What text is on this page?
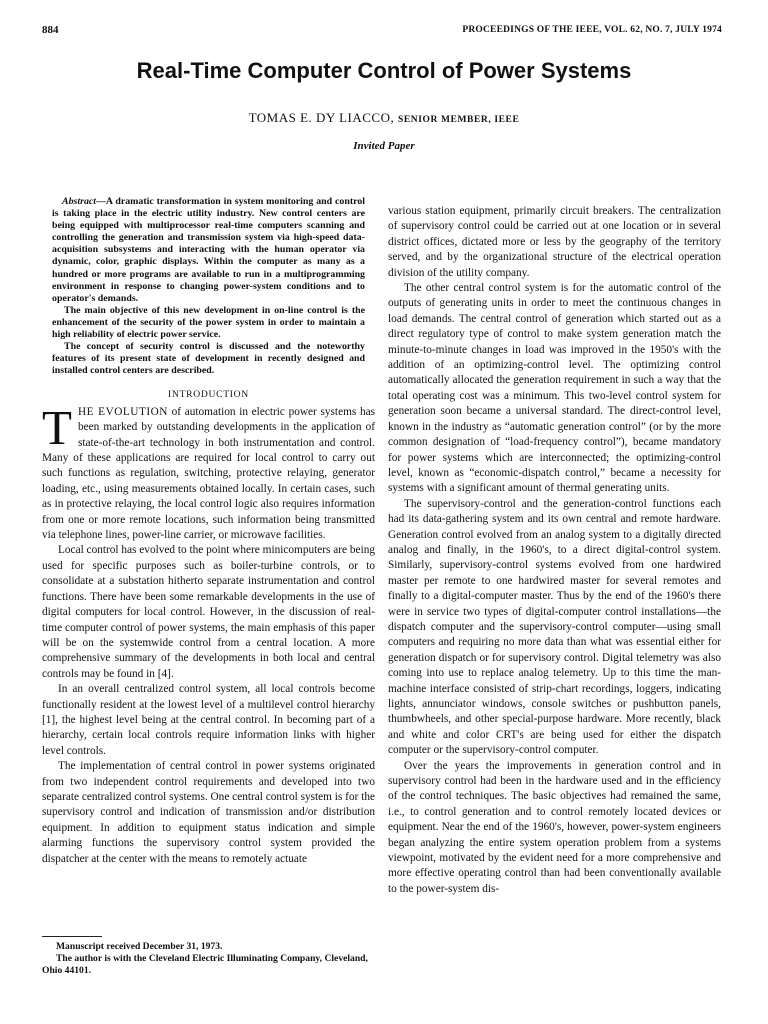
884	PROCEEDINGS OF THE IEEE, VOL. 62, NO. 7, JULY 1974
Real-Time Computer Control of Power Systems
TOMAS E. DY LIACCO, SENIOR MEMBER, IEEE
Invited Paper

Abstract—A dramatic transformation in system monitoring and control is taking place in the electric utility industry. New control centers are being equipped with multiprocessor real-time computers scanning and controlling the generation and transmission system via high-speed data-acquisition subsystems and interacting with the human operator via dynamic, color, graphic displays. Within the computer as many as a hundred or more programs are available to run in a multiprogramming environment in response to changing power-system conditions and to operator's demands.

The main objective of this new development in on-line control is the enhancement of the security of the power system in order to maintain a high reliability of electric power service.

The concept of security control is discussed and the noteworthy features of its present state of development in recently designed and installed control centers are described.

INTRODUCTION

THE EVOLUTION of automation in electric power systems has been marked by outstanding developments in the application of state-of-the-art technology in both instrumentation and control. Many of these applications are required for local control to carry out such functions as regulation, switching, protective relaying, generator loading, etc., using measurements obtained locally. In certain cases, such as in protective relaying, the local control logic also requires information from one or more remote locations, such information being transmitted via telephone lines, power-line carrier, or microwave facilities.

Local control has evolved to the point where minicomputers are being used for specific purposes such as boiler-turbine controls, or to consolidate at a substation hitherto separate instrumentation and control functions. There have been some remarkable developments in the use of digital computers for local control. However, in the discussion of real-time computer control of power systems, the main emphasis of this paper will be on the systemwide control from a central location. A more comprehensive summary of the developments in both local and central controls may be found in [4].

In an overall centralized control system, all local controls become functionally resident at the lowest level of a multilevel control hierarchy [1], the highest level being at the central control. In becoming part of a hierarchy, certain local controls require information links with higher level controls.

The implementation of central control in power systems originated from two independent control requirements and developed into two separate centralized control systems. One central control system is for the supervisory control and indication of transmission and/or distribution equipment. In addition to equipment status indication and simple alarming functions the supervisory control system provided the dispatcher at the center with the means to remotely actuate

various station equipment, primarily circuit breakers. The centralization of supervisory control could be carried out at one location or in several district offices, dictated more or less by the geography of the territory served, and by the organizational structure of the electrical operation division of the utility company.

The other central control system is for the automatic control of the outputs of generating units in order to meet the continuous changes in load demands. The central control of generation which started out as a direct regulatory type of control to make system generation match the minute-to-minute changes in load was improved in the 1950's with the addition of an optimizing-control level. The optimizing control automatically allocated the generation requirement in such a way that the total operating cost was a minimum. This two-level control system for generation soon became a universal standard. The direct-control level, known in the industry as “automatic generation control” (or by the more common designation of “load-frequency control”), became mandatory for power systems which are interconnected; the optimizing-control level, known as “economic-dispatch control,” became a necessity for systems with a significant amount of thermal generating units.

The supervisory-control and the generation-control functions each had its data-gathering system and its own central and remote hardware. Generation control evolved from an analog system to a digitally directed analog and finally, in the 1960's, to a direct digital-control system. Similarly, supervisory-control systems evolved from one hardwired master per remote to one hardwired master for several remotes and finally to a digital-computer master. Thus by the end of the 1960's there were in service two types of digital-computer control installations—the dispatch computer and the supervisory-control computer—using small computers and requiring no more data than what was essential either for generation dispatch or for supervisory control. Digital telemetry was also coming into use to replace analog telemetry. Up to this time the man-machine interface consisted of strip-chart recordings, loggers, indicating lights, annunciator windows, console switches or pushbutton panels, thumbwheels, and other special-purpose hardware. More recently, black and white and color CRT's are being used for either the dispatch computer or the supervisory-control computer.

Over the years the improvements in generation control and in supervisory control had been in the hardware used and in the efficiency of the control techniques. The basic objectives had remained the same, i.e., to control generation and to control remotely located devices or equipment. Near the end of the 1960's, however, power-system engineers began analyzing the entire system operation problem from a systems viewpoint, motivated by the evident need for a more comprehensive and more effective operating control than had been conventionally available to the power-system dis-

Manuscript received December 31, 1973.

The author is with the Cleveland Electric Illuminating Company, Cleveland, Ohio 44101.
